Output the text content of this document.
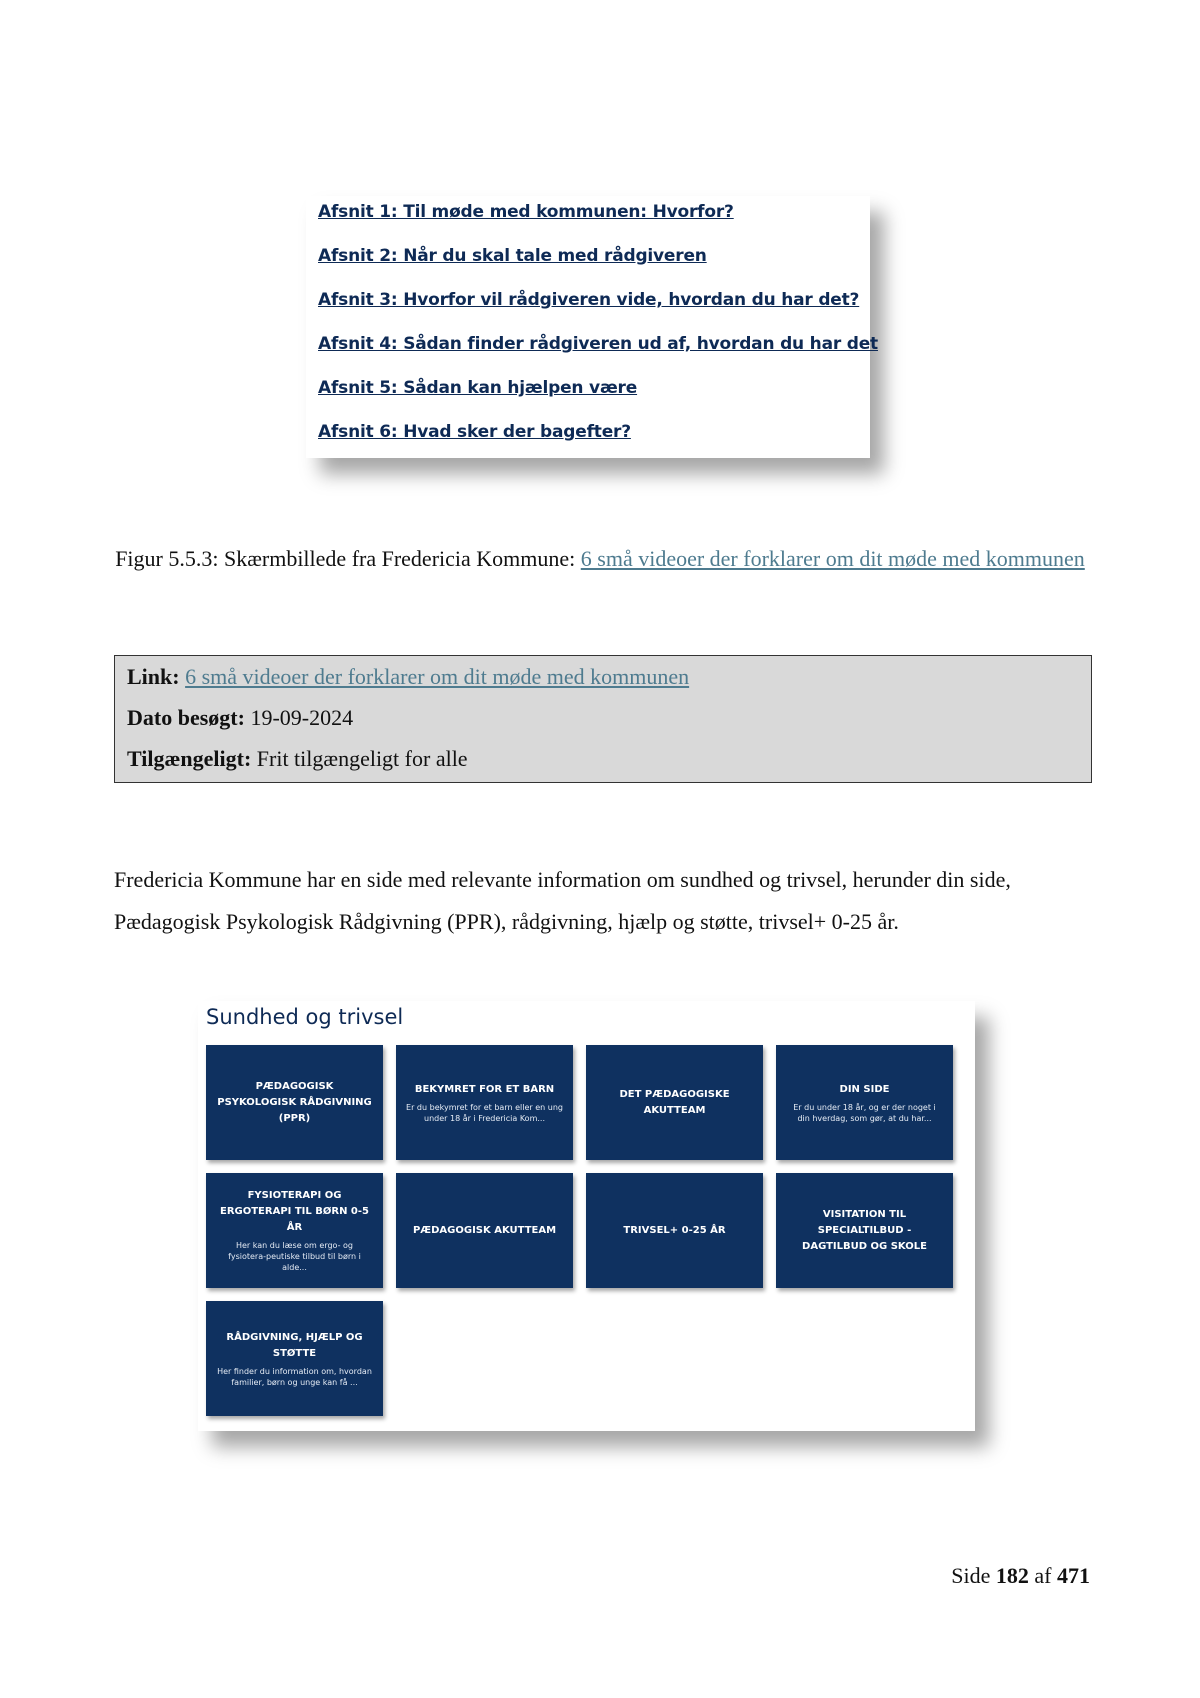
Afsnit 1: Til møde med kommunen: Hvorfor?
Afsnit 2: Når du skal tale med rådgiveren
Afsnit 3: Hvorfor vil rådgiveren vide, hvordan du har det?
Afsnit 4: Sådan finder rådgiveren ud af, hvordan du har det
Afsnit 5: Sådan kan hjælpen være
Afsnit 6: Hvad sker der bagefter?
Figur 5.5.3: Skærmbillede fra Fredericia Kommune: 6 små videoer der forklarer om dit møde med kommunen
Link: 6 små videoer der forklarer om dit møde med kommunen
Dato besøgt: 19-09-2024
Tilgængeligt: Frit tilgængeligt for alle
Fredericia Kommune har en side med relevante information om sundhed og trivsel, herunder din side, Pædagogisk Psykologisk Rådgivning (PPR), rådgivning, hjælp og støtte, trivsel+ 0-25 år.
Sundhed og trivsel
PÆDAGOGISK PSYKOLOGISK RÅDGIVNING (PPR)
BEKYMRET FOR ET BARN
Er du bekymret for et barn eller en ung under 18 år i Fredericia Kom...
DET PÆDAGOGISKE AKUTTEAM
DIN SIDE
Er du under 18 år, og er der noget i din hverdag, som gør, at du har...
FYSIOTERAPI OG ERGOTERAPI TIL BØRN 0-5 ÅR
Her kan du læse om ergo- og fysiotera-peutiske tilbud til børn i alde...
PÆDAGOGISK AKUTTEAM	TRIVSEL+ 0-25 ÅR
VISITATION TIL SPECIALTILBUD - DAGTILBUD OG SKOLE
RÅDGIVNING, HJÆLP OG STØTTE
Her finder du information om, hvordan familier, børn og unge kan få ...
Side 182 af 471
